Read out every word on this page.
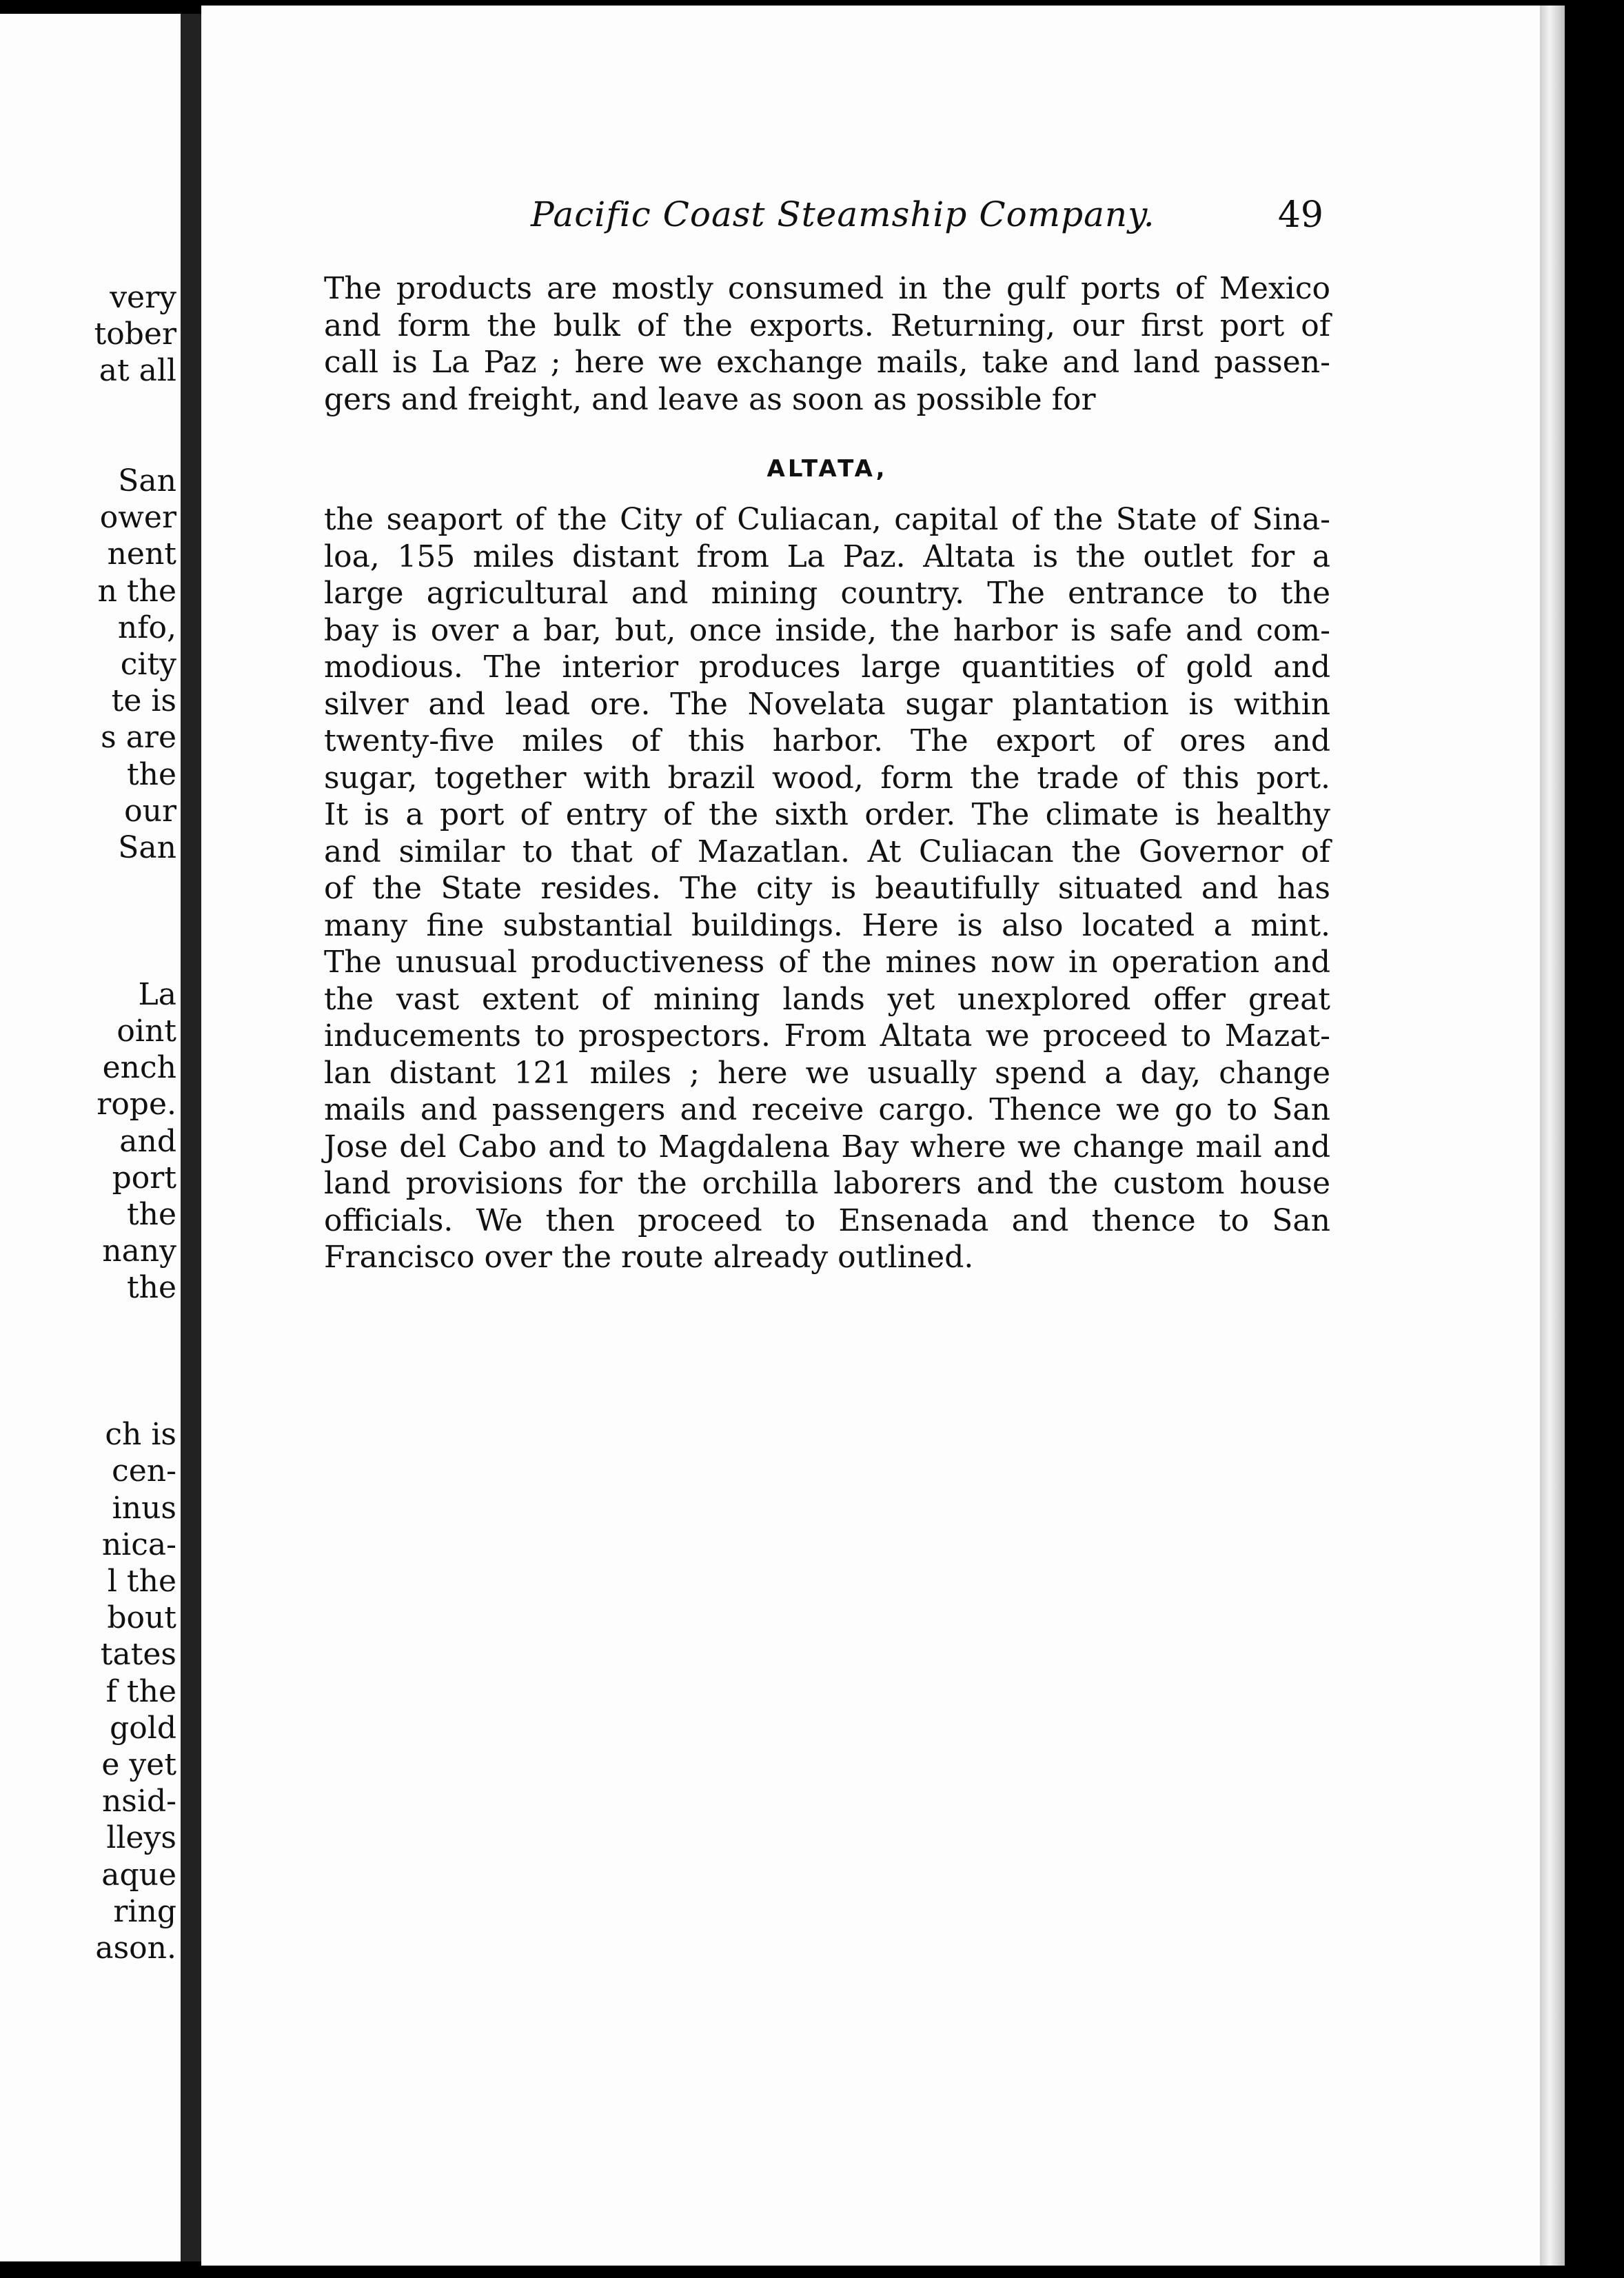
very
tober
at all
San
ower
nent
n the
nfo,
city
te is
s are
the
our
San
La
oint
ench
rope.
and
port
the
nany
the
ch is
cen-
inus
nica-
l the
bout
tates
f the
gold
e yet
nsid-
lleys
aque
ring
ason.
Pacific Coast Steamship Company.	49
The products are mostly consumed in the gulf ports of Mexico
and form the bulk of the exports. Returning, our first port of
call is La Paz ; here we exchange mails, take and land passen-
gers and freight, and leave as soon as possible for
ALTATA,
the seaport of the City of Culiacan, capital of the State of Sina-
loa, 155 miles distant from La Paz. Altata is the outlet for a
large agricultural and mining country. The entrance to the
bay is over a bar, but, once inside, the harbor is safe and com-
modious. The interior produces large quantities of gold and
silver and lead ore. The Novelata sugar plantation is within
twenty-five miles of this harbor. The export of ores and
sugar, together with brazil wood, form the trade of this port.
It is a port of entry of the sixth order. The climate is healthy
and similar to that of Mazatlan. At Culiacan the Governor of
of the State resides. The city is beautifully situated and has
many fine substantial buildings. Here is also located a mint.
The unusual productiveness of the mines now in operation and
the vast extent of mining lands yet unexplored offer great
inducements to prospectors. From Altata we proceed to Mazat-
lan distant 121 miles ; here we usually spend a day, change
mails and passengers and receive cargo. Thence we go to San
Jose del Cabo and to Magdalena Bay where we change mail and
land provisions for the orchilla laborers and the custom house
officials. We then proceed to Ensenada and thence to San
Francisco over the route already outlined.
